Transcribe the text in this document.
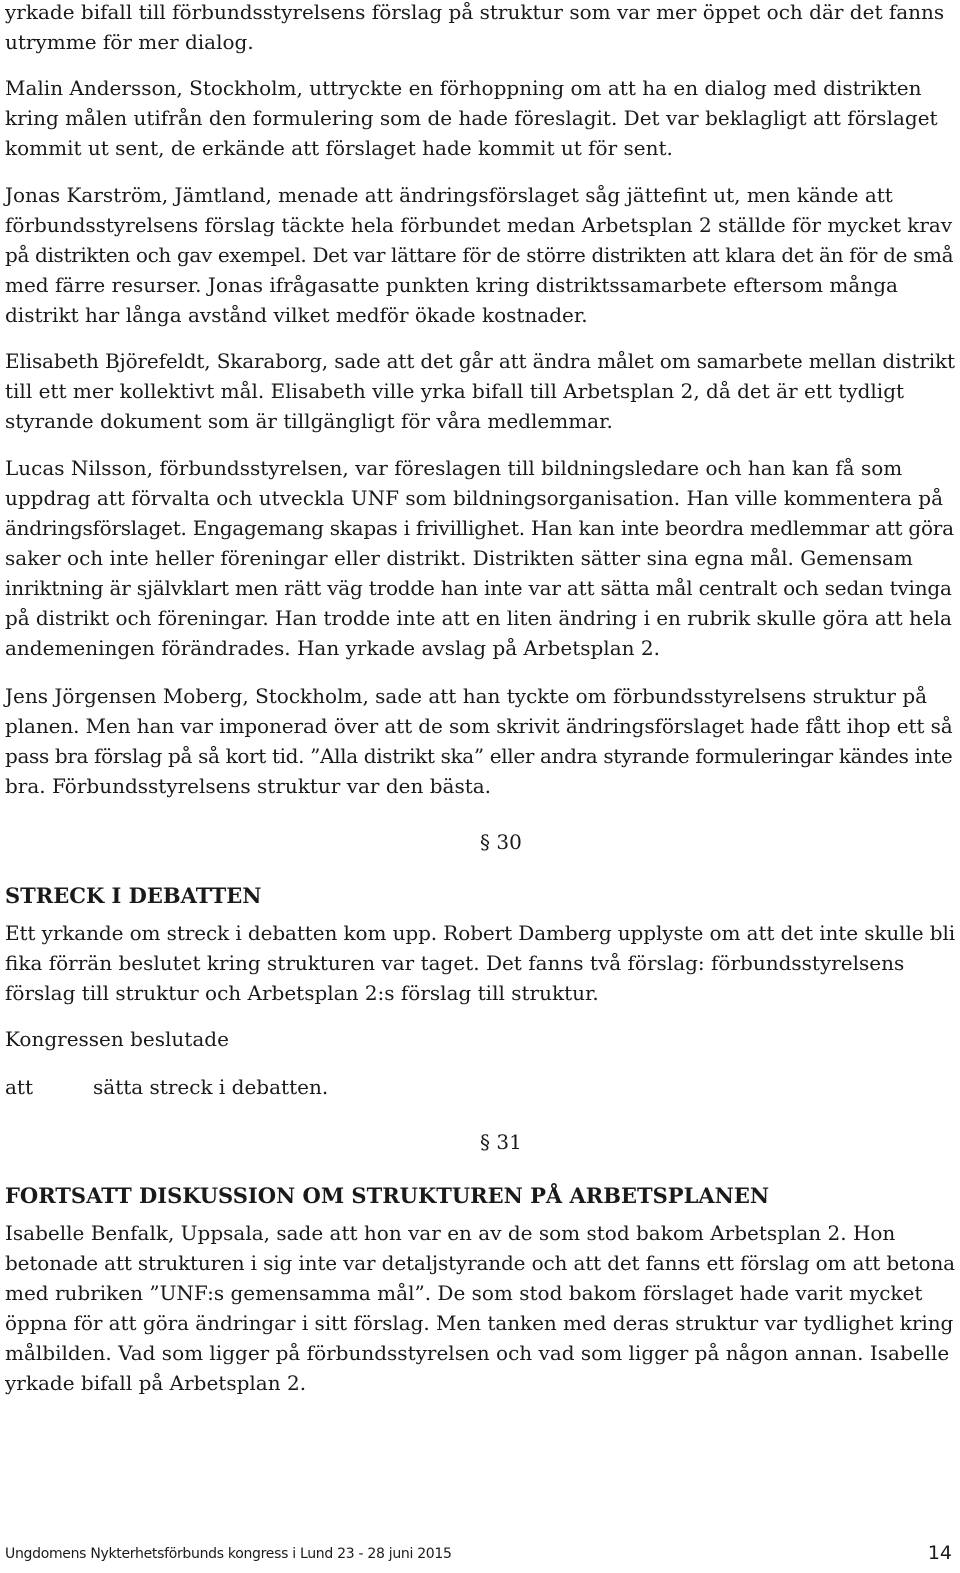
yrkade bifall till förbundsstyrelsens förslag på struktur som var mer öppet och där det fanns
utrymme för mer dialog.
Malin Andersson, Stockholm, uttryckte en förhoppning om att ha en dialog med distrikten
kring målen utifrån den formulering som de hade föreslagit. Det var beklagligt att förslaget
kommit ut sent, de erkände att förslaget hade kommit ut för sent.
Jonas Karström, Jämtland, menade att ändringsförslaget såg jättefint ut, men kände att
förbundsstyrelsens förslag täckte hela förbundet medan Arbetsplan 2 ställde för mycket krav
på distrikten och gav exempel. Det var lättare för de större distrikten att klara det än för de små
med färre resurser. Jonas ifrågasatte punkten kring distriktssamarbete eftersom många
distrikt har långa avstånd vilket medför ökade kostnader.
Elisabeth Björefeldt, Skaraborg, sade att det går att ändra målet om samarbete mellan distrikt
till ett mer kollektivt mål. Elisabeth ville yrka bifall till Arbetsplan 2, då det är ett tydligt
styrande dokument som är tillgängligt för våra medlemmar.
Lucas Nilsson, förbundsstyrelsen, var föreslagen till bildningsledare och han kan få som
uppdrag att förvalta och utveckla UNF som bildningsorganisation. Han ville kommentera på
ändringsförslaget. Engagemang skapas i frivillighet. Han kan inte beordra medlemmar att göra
saker och inte heller föreningar eller distrikt. Distrikten sätter sina egna mål. Gemensam
inriktning är självklart men rätt väg trodde han inte var att sätta mål centralt och sedan tvinga
på distrikt och föreningar. Han trodde inte att en liten ändring i en rubrik skulle göra att hela
andemeningen förändrades. Han yrkade avslag på Arbetsplan 2.
Jens Jörgensen Moberg, Stockholm, sade att han tyckte om förbundsstyrelsens struktur på
planen. Men han var imponerad över att de som skrivit ändringsförslaget hade fått ihop ett så
pass bra förslag på så kort tid. ”Alla distrikt ska” eller andra styrande formuleringar kändes inte
bra. Förbundsstyrelsens struktur var den bästa.
§ 30
STRECK I DEBATTEN
Ett yrkande om streck i debatten kom upp. Robert Damberg upplyste om att det inte skulle bli
fika förrän beslutet kring strukturen var taget. Det fanns två förslag: förbundsstyrelsens
förslag till struktur och Arbetsplan 2:s förslag till struktur.
Kongressen beslutade
att	sätta streck i debatten.
§ 31
FORTSATT DISKUSSION OM STRUKTUREN PÅ ARBETSPLANEN
Isabelle Benfalk, Uppsala, sade att hon var en av de som stod bakom Arbetsplan 2. Hon
betonade att strukturen i sig inte var detaljstyrande och att det fanns ett förslag om att betona
med rubriken ”UNF:s gemensamma mål”. De som stod bakom förslaget hade varit mycket
öppna för att göra ändringar i sitt förslag. Men tanken med deras struktur var tydlighet kring
målbilden. Vad som ligger på förbundsstyrelsen och vad som ligger på någon annan. Isabelle
yrkade bifall på Arbetsplan 2.
Ungdomens Nykterhetsförbunds kongress i Lund 23 - 28 juni 2015	14
